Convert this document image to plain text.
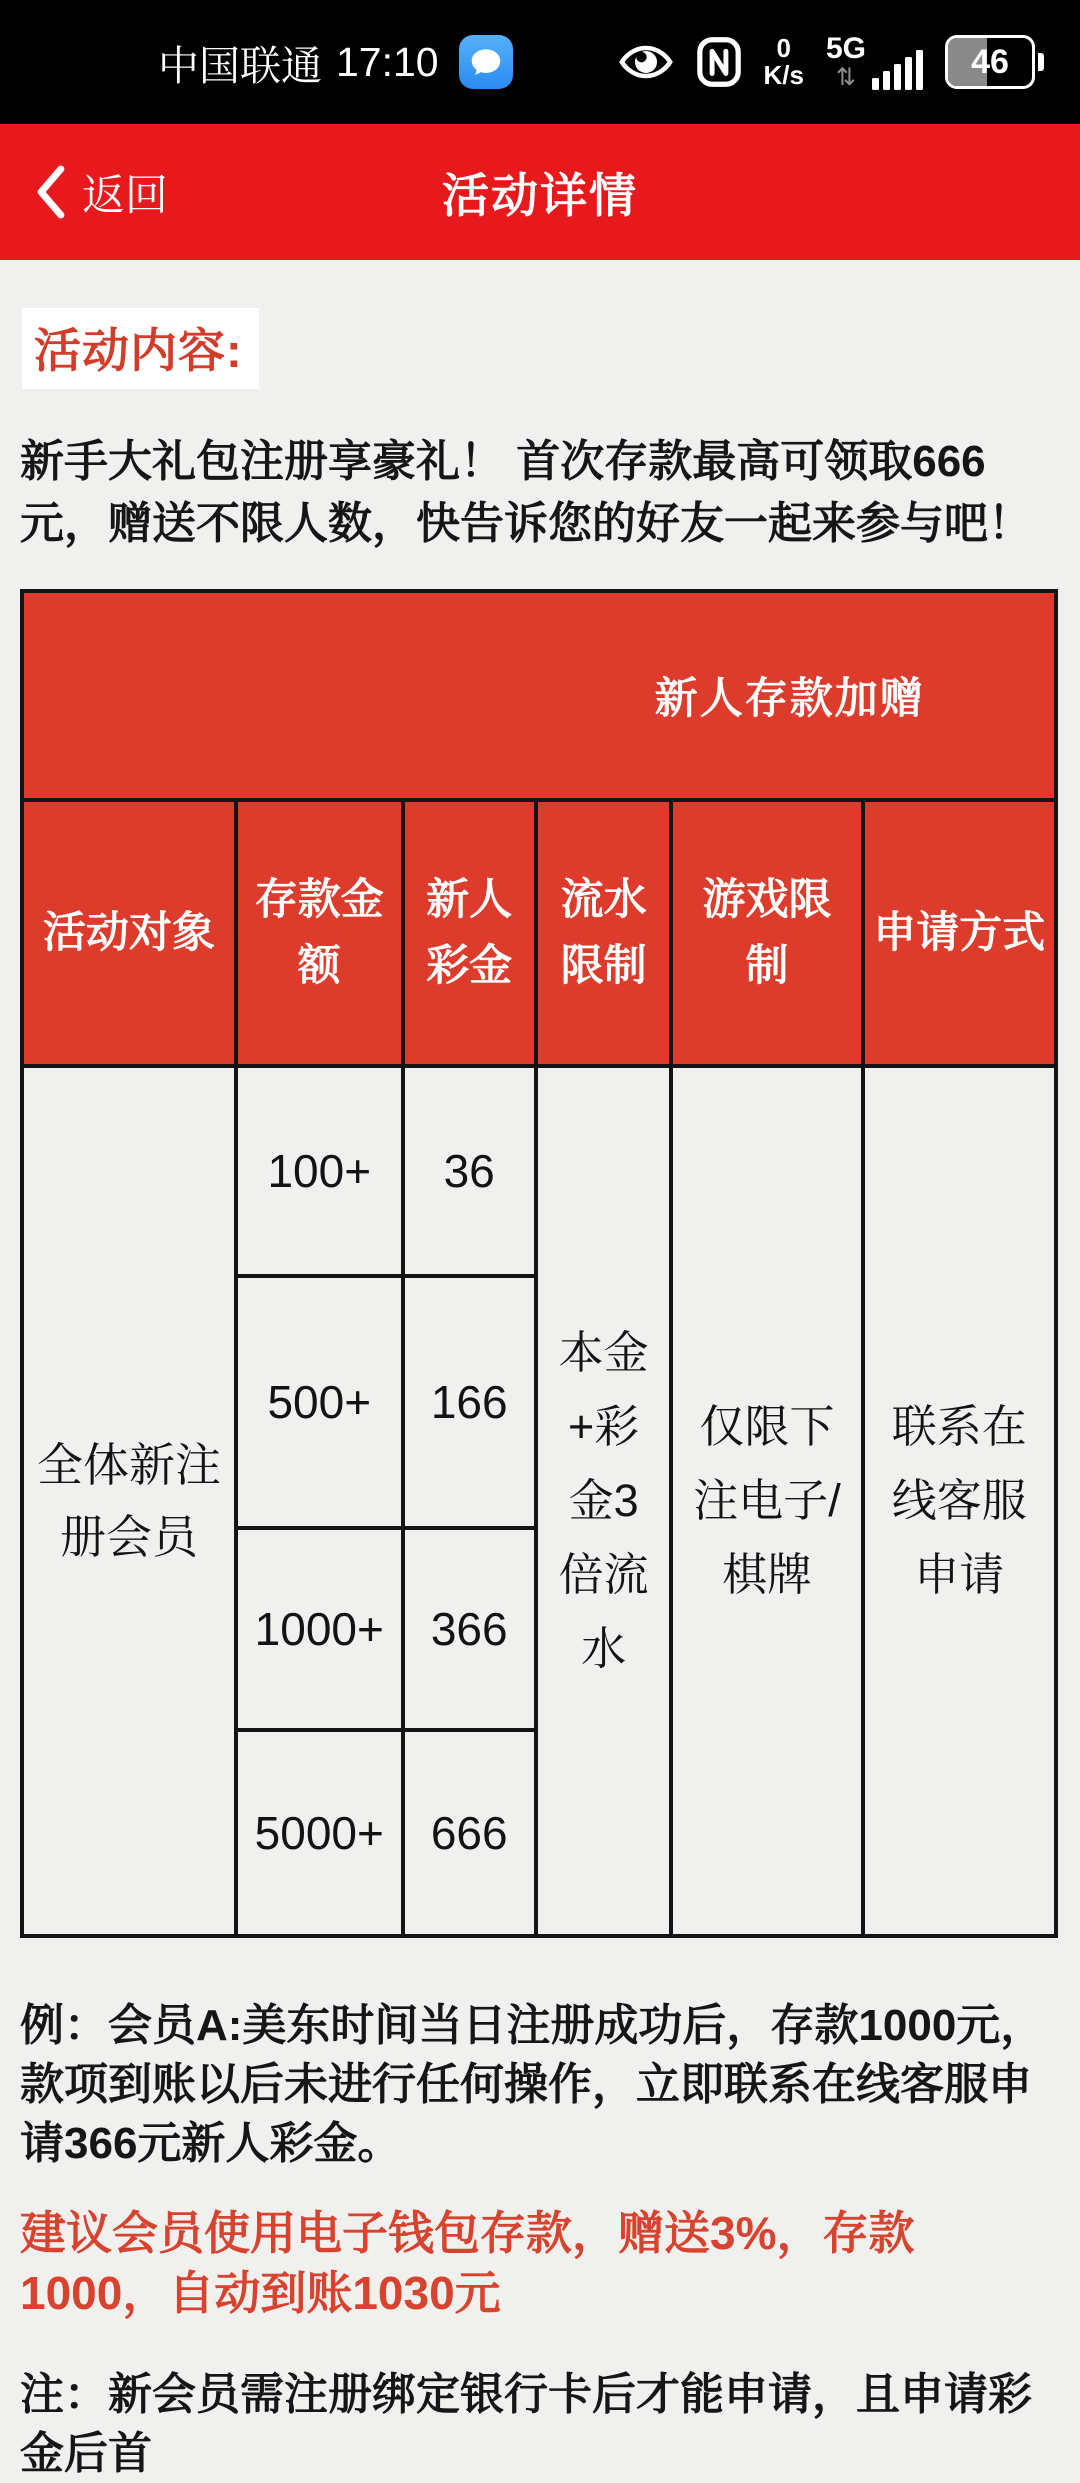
中国联通 17:10	0
K/s
5G
⇅	46
返回	活动详情
活动内容:

新手大礼包注册享豪礼！ 首次存款最高可领取666元，赠送不限人数，快告诉您的好友一起来参与吧！

新人存款加赠					
活动对象	存款金额	新人彩金	流水限制	游戏限制	申请方式
全体新注册会员	100+	36	本金+彩金3倍流水	仅限下注电子/棋牌	联系在线客服申请
	500+	166			
	1000+	366			
	5000+	666			

例：会员A:美东时间当日注册成功后，存款1000元，款项到账以后未进行任何操作，立即联系在线客服申请366元新人彩金。

建议会员使用电子钱包存款，赠送3%，存款1000，自动到账1030元

注：新会员需注册绑定银行卡后才能申请，且申请彩金后首
